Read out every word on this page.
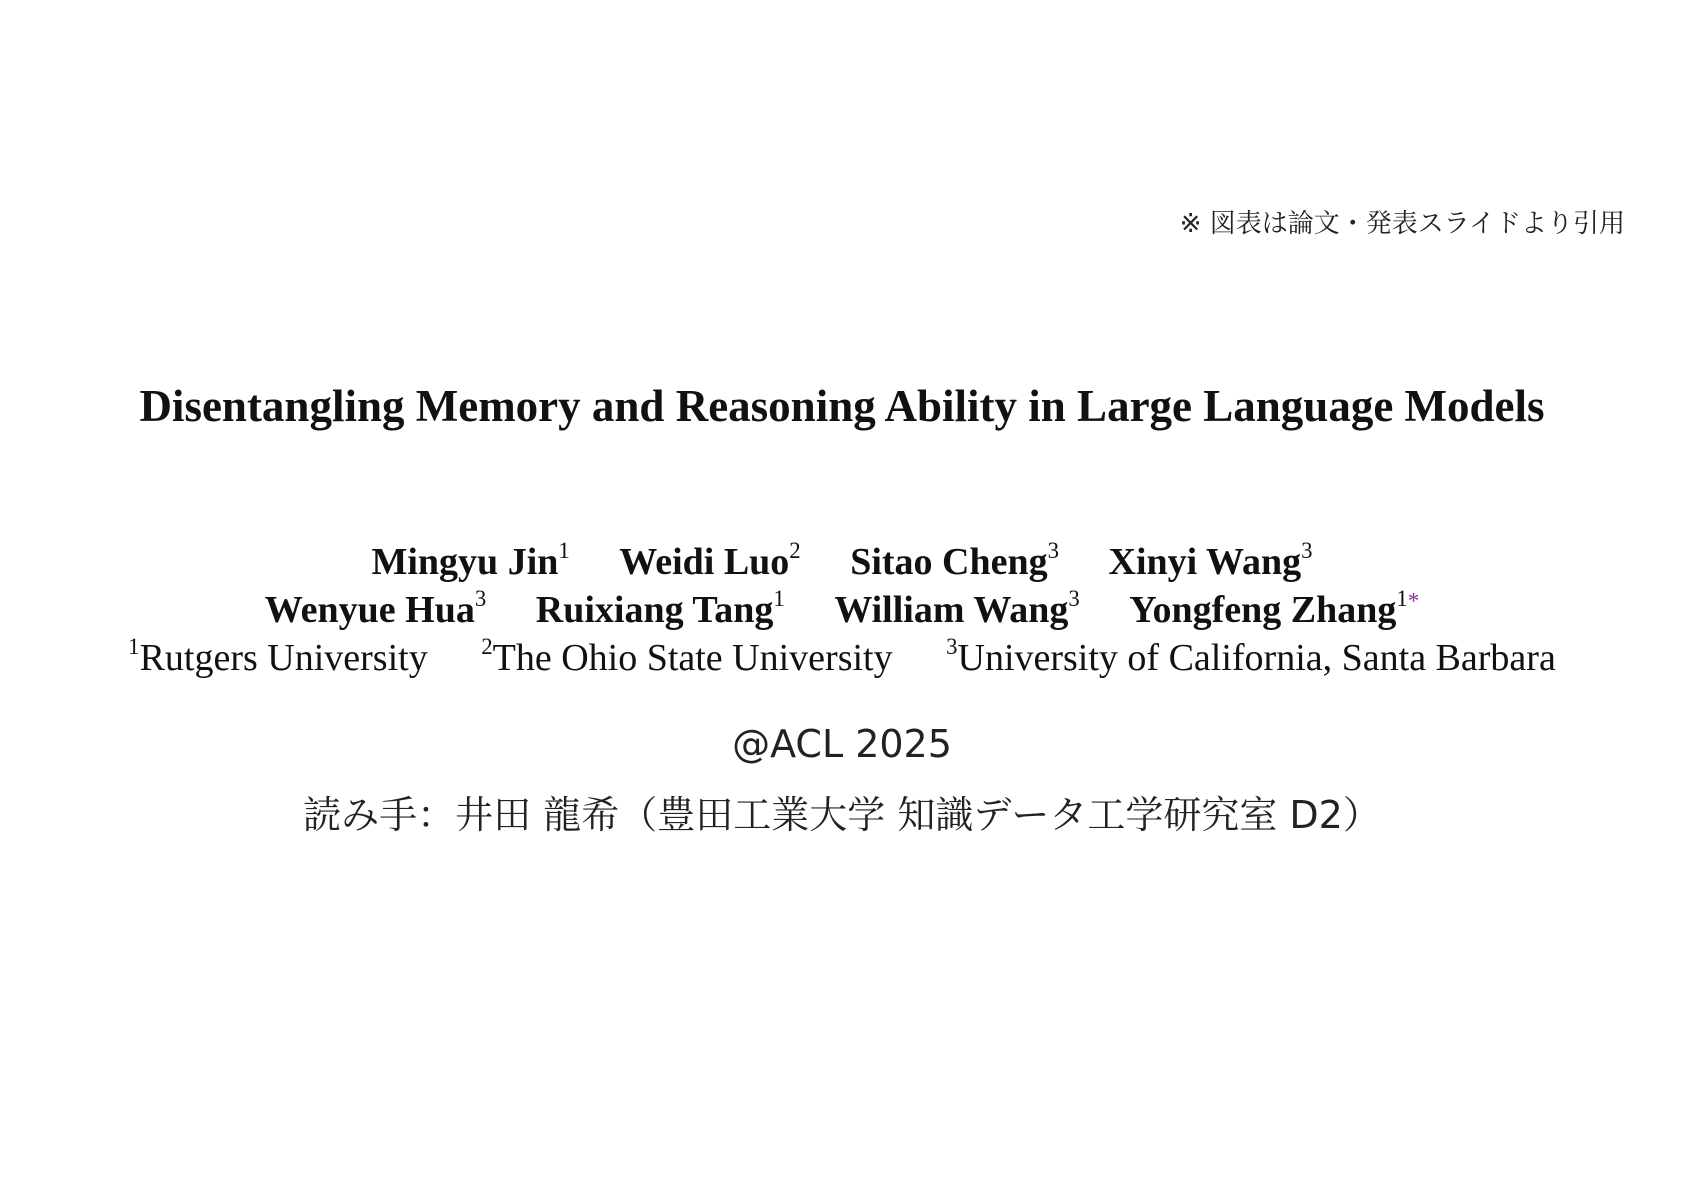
※ 図表は論文・発表スライドより引用
Disentangling Memory and Reasoning Ability in Large Language Models
Mingyu Jin$^1$ Weidi Luo$^2$ Sitao Cheng$^3$ Xinyi Wang$^3$
Wenyue Hua$^3$ Ruixiang Tang$^1$ William Wang$^3$ Yongfeng Zhang$^{1*}$
$^1$Rutgers University $^2$The Ohio State University $^3$University of California, Santa Barbara
@ACL 2025
読み手：井田 龍希（豊田工業大学 知識データ工学研究室 D2）
